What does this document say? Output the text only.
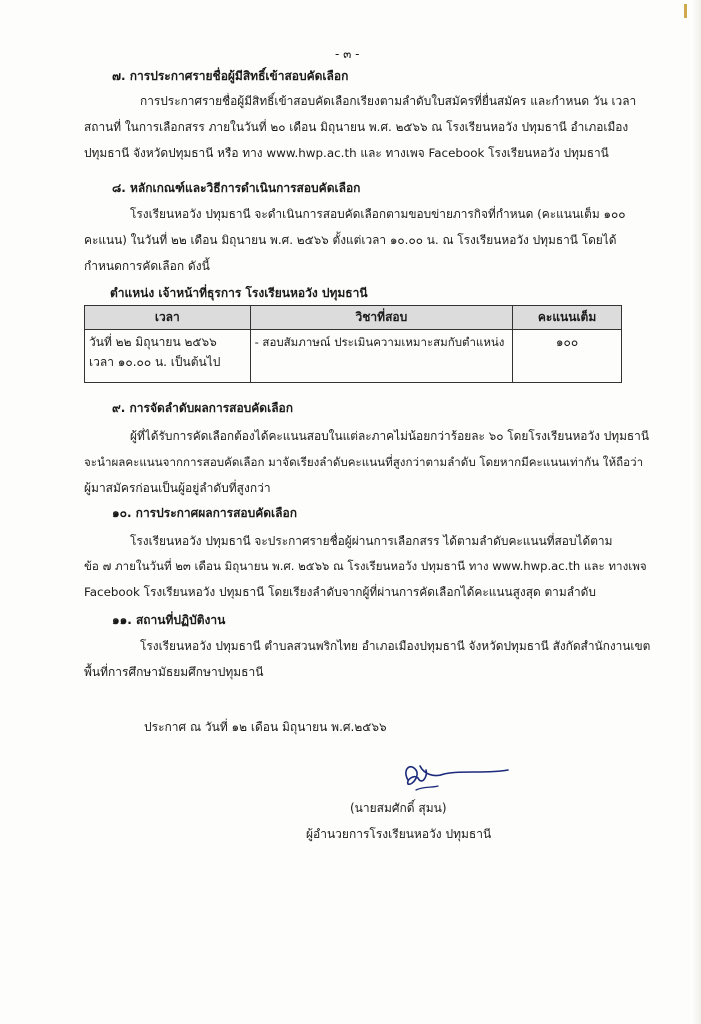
- ๓ -
๗. การประกาศรายชื่อผู้มีสิทธิ์เข้าสอบคัดเลือก
การประกาศรายชื่อผู้มีสิทธิ์เข้าสอบคัดเลือกเรียงตามลำดับใบสมัครที่ยื่นสมัคร และกำหนด วัน เวลา
สถานที่ ในการเลือกสรร ภายในวันที่ ๒๐ เดือน มิถุนายน พ.ศ. ๒๕๖๖ ณ โรงเรียนหอวัง ปทุมธานี อำเภอเมือง
ปทุมธานี จังหวัดปทุมธานี หรือ ทาง www.hwp.ac.th และ ทางเพจ Facebook โรงเรียนหอวัง ปทุมธานี
๘. หลักเกณฑ์และวิธีการดำเนินการสอบคัดเลือก
โรงเรียนหอวัง ปทุมธานี จะดำเนินการสอบคัดเลือกตามขอบข่ายภารกิจที่กำหนด (คะแนนเต็ม ๑๐๐
คะแนน) ในวันที่ ๒๒ เดือน มิถุนายน พ.ศ. ๒๕๖๖ ตั้งแต่เวลา ๑๐.๐๐ น. ณ โรงเรียนหอวัง ปทุมธานี โดยได้
กำหนดการคัดเลือก ดังนี้
ตำแหน่ง เจ้าหน้าที่ธุรการ โรงเรียนหอวัง ปทุมธานี
เวลา	วิชาที่สอบ	คะแนนเต็ม

วันที่ ๒๒ มิถุนายน ๒๕๖๖
เวลา ๑๐.๐๐ น. เป็นต้นไป	- สอบสัมภาษณ์ ประเมินความเหมาะสมกับตำแหน่ง	๑๐๐
๙. การจัดลำดับผลการสอบคัดเลือก
ผู้ที่ได้รับการคัดเลือกต้องได้คะแนนสอบในแต่ละภาคไม่น้อยกว่าร้อยละ ๖๐ โดยโรงเรียนหอวัง ปทุมธานี
จะนำผลคะแนนจากการสอบคัดเลือก มาจัดเรียงลำดับคะแนนที่สูงกว่าตามลำดับ โดยหากมีคะแนนเท่ากัน ให้ถือว่า
ผู้มาสมัครก่อนเป็นผู้อยู่ลำดับที่สูงกว่า
๑๐. การประกาศผลการสอบคัดเลือก
โรงเรียนหอวัง ปทุมธานี จะประกาศรายชื่อผู้ผ่านการเลือกสรร ได้ตามลำดับคะแนนที่สอบได้ตาม
ข้อ ๗ ภายในวันที่ ๒๓ เดือน มิถุนายน พ.ศ. ๒๕๖๖ ณ โรงเรียนหอวัง ปทุมธานี ทาง www.hwp.ac.th และ ทางเพจ
Facebook โรงเรียนหอวัง ปทุมธานี โดยเรียงลำดับจากผู้ที่ผ่านการคัดเลือกได้คะแนนสูงสุด ตามลำดับ
๑๑. สถานที่ปฏิบัติงาน
โรงเรียนหอวัง ปทุมธานี ตำบลสวนพริกไทย อำเภอเมืองปทุมธานี จังหวัดปทุมธานี สังกัดสำนักงานเขต
พื้นที่การศึกษามัธยมศึกษาปทุมธานี
ประกาศ ณ วันที่ ๑๒ เดือน มิถุนายน พ.ศ.๒๕๖๖
(นายสมศักดิ์ สุมน)
ผู้อำนวยการโรงเรียนหอวัง ปทุมธานี
